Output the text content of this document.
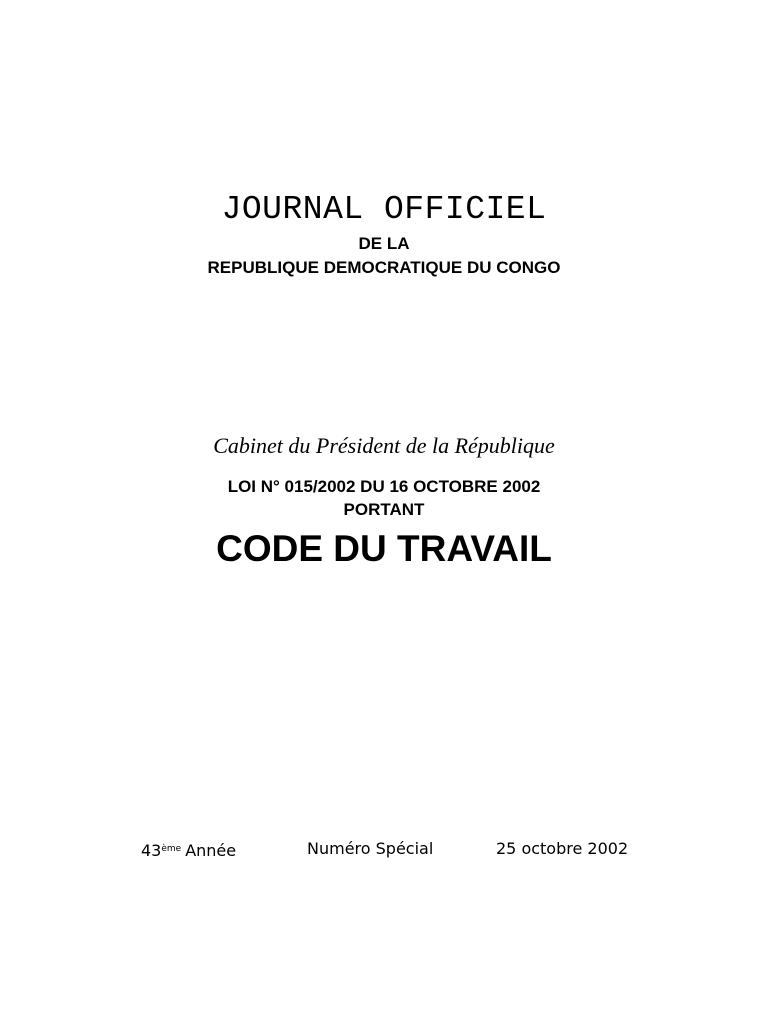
JOURNAL OFFICIEL
DE LA
REPUBLIQUE DEMOCRATIQUE DU CONGO
Cabinet du Président de la République
LOI N° 015/2002 DU 16 OCTOBRE 2002
PORTANT
CODE DU TRAVAIL
43ème Année	Numéro Spécial	25 octobre 2002
